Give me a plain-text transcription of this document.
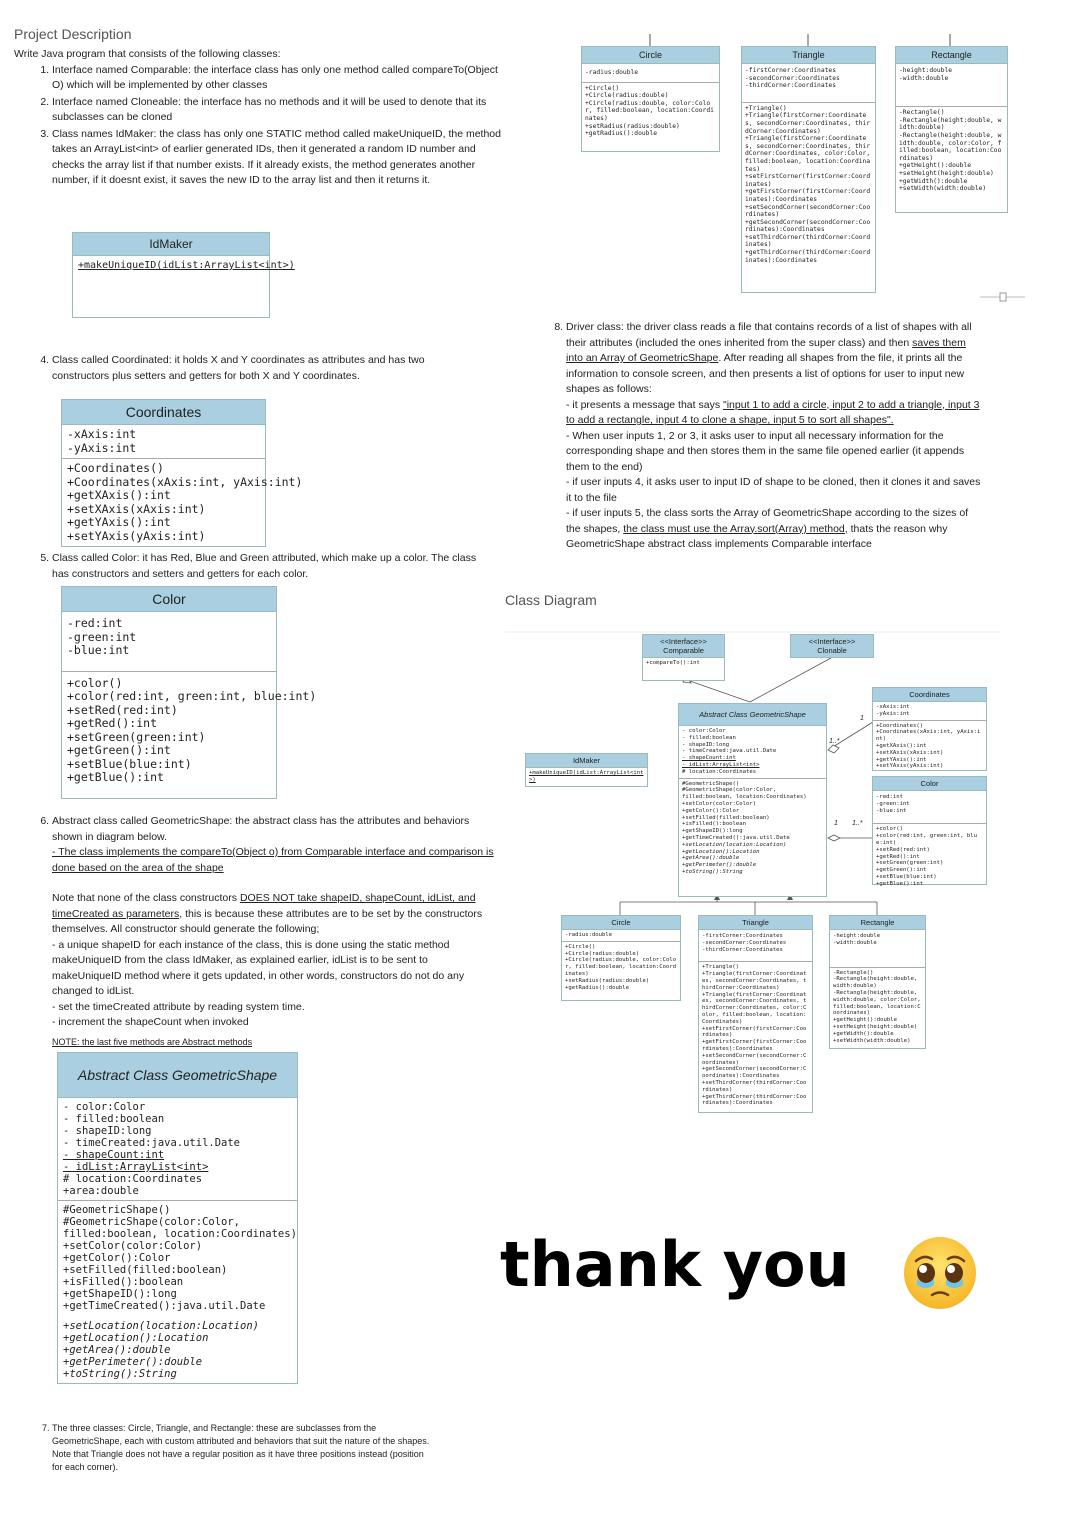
Project Description
Write Java program that consists of the following classes:
1. Interface named Comparable: the interface class has only one method called compareTo(Object O) which will be implemented by other classes
2. Interface named Cloneable: the interface has no methods and it will be used to denote that its subclasses can be cloned
3. Class names IdMaker: the class has only one STATIC method called makeUniqueID, the method takes an ArrayList<int> of earlier generated IDs, then it generated a random ID number and checks the array list if that number exists. If it already exists, the method generates another number, if it doesnt exist, it saves the new ID to the array list and then it returns it.
IdMaker
+makeUniqueID(idList:ArrayList<int>)
4. Class called Coordinated: it holds X and Y coordinates as attributes and has two constructors plus setters and getters for both X and Y coordinates.
Coordinates
-xAxis:int
-yAxis:int
+Coordinates()
+Coordinates(xAxis:int, yAxis:int)
+getXAxis():int
+setXAxis(xAxis:int)
+getYAxis():int
+setYAxis(yAxis:int)
5. Class called Color: it has Red, Blue and Green attributed, which make up a color. The class has constructors and setters and getters for each color.
Color
-red:int
-green:int
-blue:int
+color()
+color(red:int, green:int, blue:int)
+setRed(red:int)
+getRed():int
+setGreen(green:int)
+getGreen():int
+setBlue(blue:int)
+getBlue():int
6. Abstract class called GeometricShape: the abstract class has the attributes and behaviors shown in diagram below.
- The class implements the compareTo(Object o) from Comparable interface and comparison is done based on the area of the shape
Note that none of the class constructors DOES NOT take shapeID, shapeCount, idList, and timeCreated as parameters, this is because these attributes are to be set by the constructors themselves. All constructor should generate the following;
- a unique shapeID for each instance of the class, this is done using the static method makeUniqueID from the class IdMaker, as explained earlier, idList is to be sent to makeUniqueID method where it gets updated, in other words, constructors do not do any changed to idList.
- set the timeCreated attribute by reading system time.
- increment the shapeCount when invoked
NOTE: the last five methods are Abstract methods
Abstract Class GeometricShape
- color:Color
- filled:boolean
- shapeID:long
- timeCreated:java.util.Date
- shapeCount:int
- idList:ArrayList<int>
# location:Coordinates
+area:double
#GeometricShape()
#GeometricShape(color:Color,
filled:boolean, location:Coordinates)
+setColor(color:Color)
+getColor():Color
+setFilled(filled:boolean)
+isFilled():boolean
+getShapeID():long
+getTimeCreated():java.util.Date
+setLocation(location:Location)
+getLocation():Location
+getArea():double
+getPerimeter():double
+toString():String
7. The three classes: Circle, Triangle, and Rectangle: these are subclasses from the GeometricShape, each with custom attributed and behaviors that suit the nature of the shapes.
Note that Triangle does not have a regular position as it have three positions instead (position for each corner).
Circle
-radius:double
+Circle()
+Circle(radius:double)
+Circle(radius:double, color:Color, filled:boolean, location:Coordinates)
+setRadius(radius:double)
+getRadius():double
Triangle
-firstCorner:Coordinates
-secondCorner:Coordinates
-thirdCorner:Coordinates
+Triangle()
+Triangle(firstCorner:Coordinates, secondCorner:Coordinates, thirdCorner:Coordinates)
+Triangle(firstCorner:Coordinates, secondCorner:Coordinates, thirdCorner:Coordinates, color:Color, filled:boolean, location:Coordinates)
+setFirstCorner(firstCorner:Coordinates)
+getFirstCorner(firstCorner:Coordinates):Coordinates
+setSecondCorner(secondCorner:Coordinates)
+getSecondCorner(secondCorner:Coordinates):Coordinates
+setThirdCorner(thirdCorner:Coordinates)
+getThirdCorner(thirdCorner:Coordinates):Coordinates
Rectangle
-height:double
-width:double
-Rectangle()
-Rectangle(height:double, width:double)
-Rectangle(height:double, width:double, color:Color, filled:boolean, location:Coordinates)
+getHeight():double
+setHeight(height:double)
+getWidth():double
+setWidth(width:double)
8. Driver class: the driver class reads a file that contains records of a list of shapes with all their attributes (included the ones inherited from the super class) and then saves them into an Array of GeometricShape. After reading all shapes from the file, it prints all the information to console screen, and then presents a list of options for user to input new shapes as follows:
- it presents a message that says "input 1 to add a circle, input 2 to add a triangle, input 3 to add a rectangle, input 4 to clone a shape, input 5 to sort all shapes".
- When user inputs 1, 2 or 3, it asks user to input all necessary information for the corresponding shape and then stores them in the same file opened earlier (it appends them to the end)
- if user inputs 4, it asks user to input ID of shape to be cloned, then it clones it and saves it to the file
- if user inputs 5, the class sorts the Array of GeometricShape according to the sizes of the shapes, the class must use the Array.sort(Array) method, thats the reason why GeometricShape abstract class implements Comparable interface
Class Diagram
1
1..*
1 1..*
<<Interface>> Comparable
+compareTo():int
<<Interface>> Clonable
Abstract Class GeometricShape
- color:Color
- filled:boolean
- shapeID:long
- timeCreated:java.util.Date
- shapeCount:int
- idList:ArrayList<int>
# location:Coordinates
#GeometricShape()
#GeometricShape(color:Color,
filled:boolean, location:Coordinates)
+setColor(color:Color)
+getColor():Color
+setFilled(filled:boolean)
+isFilled():boolean
+getShapeID():long
+getTimeCreated():java.util.Date
+setLocation(location:Location)
+getLocation():Location
+getArea():double
+getPerimeter():double
+toString():String
IdMaker
+makeUniqueID(idList:ArrayList<int>)
Coordinates
-xAxis:int
-yAxis:int
+Coordinates()
+Coordinates(xAxis:int, yAxis:int)
+getXAxis():int
+setXAxis(xAxis:int)
+getYAxis():int
+setYAxis(yAxis:int)
Color
-red:int
-green:int
-blue:int
+color()
+color(red:int, green:int, blue:int)
+setRed(red:int)
+getRed():int
+setGreen(green:int)
+getGreen():int
+setBlue(blue:int)
+getBlue():int
Circle
-radius:double
+Circle()
+Circle(radius:double)
+Circle(radius:double, color:Color, filled:boolean, location:Coordinates)
+setRadius(radius:double)
+getRadius():double
Triangle
-firstCorner:Coordinates
-secondCorner:Coordinates
-thirdCorner:Coordinates
+Triangle()
+Triangle(firstCorner:Coordinates, secondCorner:Coordinates, thirdCorner:Coordinates)
+Triangle(firstCorner:Coordinates, secondCorner:Coordinates, thirdCorner:Coordinates, color:Color, filled:boolean, location:Coordinates)
+setFirstCorner(firstCorner:Coordinates)
+getFirstCorner(firstCorner:Coordinates):Coordinates
+setSecondCorner(secondCorner:Coordinates)
+getSecondCorner(secondCorner:Coordinates):Coordinates
+setThirdCorner(thirdCorner:Coordinates)
+getThirdCorner(thirdCorner:Coordinates):Coordinates
Rectangle
-height:double
-width:double
-Rectangle()
-Rectangle(height:double, width:double)
-Rectangle(height:double, width:double, color:Color, filled:boolean, location:Coordinates)
+getHeight():double
+setHeight(height:double)
+getWidth():double
+setWidth(width:double)
thank you
